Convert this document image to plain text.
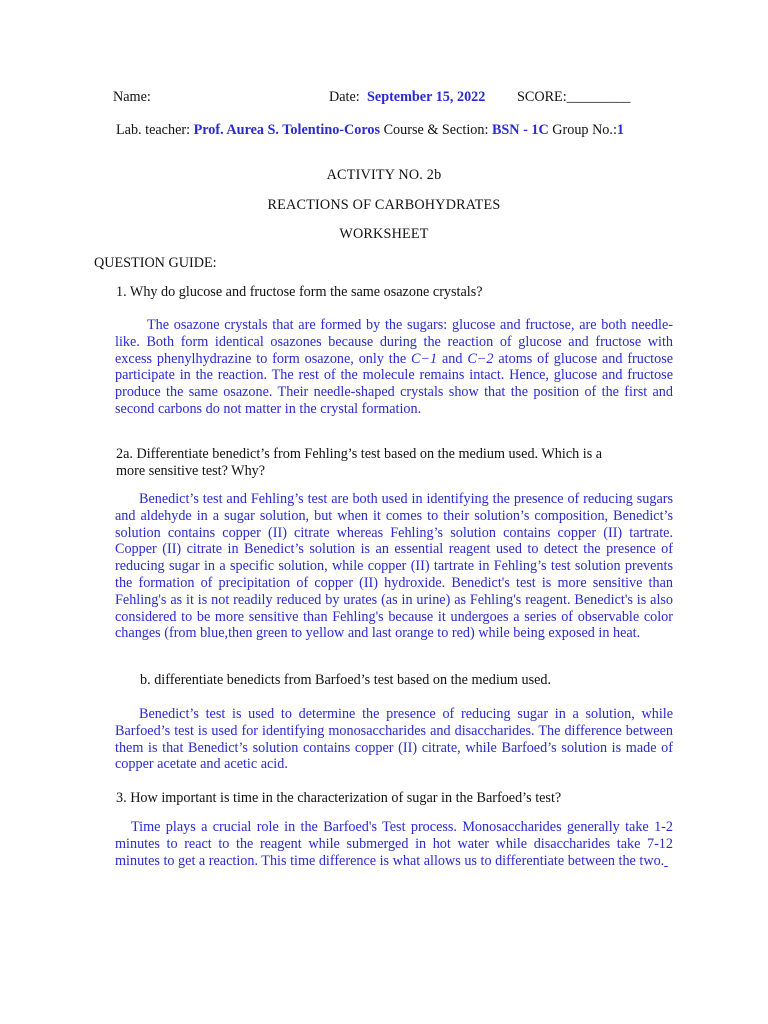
Name:	Date: September 15, 2022 SCORE:_________
Lab. teacher: Prof. Aurea S. Tolentino-Coros Course & Section: BSN - 1C Group No.:1
ACTIVITY NO. 2b
REACTIONS OF CARBOHYDRATES
WORKSHEET
QUESTION GUIDE:
1. Why do glucose and fructose form the same osazone crystals?
The osazone crystals that are formed by the sugars: glucose and fructose, are both needle-like. Both form identical osazones because during the reaction of glucose and fructose with excess phenylhydrazine to form osazone, only the C−1 and C−2 atoms of glucose and fructose participate in the reaction. The rest of the molecule remains intact. Hence, glucose and fructose produce the same osazone. Their needle-shaped crystals show that the position of the first and second carbons do not matter in the crystal formation.
2a. Differentiate benedict’s from Fehling’s test based on the medium used. Which is a
more sensitive test? Why?
Benedict’s test and Fehling’s test are both used in identifying the presence of reducing sugars and aldehyde in a sugar solution, but when it comes to their solution’s composition, Benedict’s solution contains copper (II) citrate whereas Fehling’s solution contains copper (II) tartrate. Copper (II) citrate in Benedict’s solution is an essential reagent used to detect the presence of reducing sugar in a specific solution, while copper (II) tartrate in Fehling’s test solution prevents the formation of precipitation of copper (II) hydroxide. Benedict's test is more sensitive than Fehling's as it is not readily reduced by urates (as in urine) as Fehling's reagent. Benedict's is also considered to be more sensitive than Fehling's because it undergoes a series of observable color changes (from blue,then green to yellow and last orange to red) while being exposed in heat.
b. differentiate benedicts from Barfoed’s test based on the medium used.
Benedict’s test is used to determine the presence of reducing sugar in a solution, while Barfoed’s test is used for identifying monosaccharides and disaccharides. The difference between them is that Benedict’s solution contains copper (II) citrate, while Barfoed’s solution is made of copper acetate and acetic acid.
3. How important is time in the characterization of sugar in the Barfoed’s test?
Time plays a crucial role in the Barfoed's Test process. Monosaccharides generally take 1-2 minutes to react to the reagent while submerged in hot water while disaccharides take 7-12 minutes to get a reaction. This time difference is what allows us to differentiate between the two.
